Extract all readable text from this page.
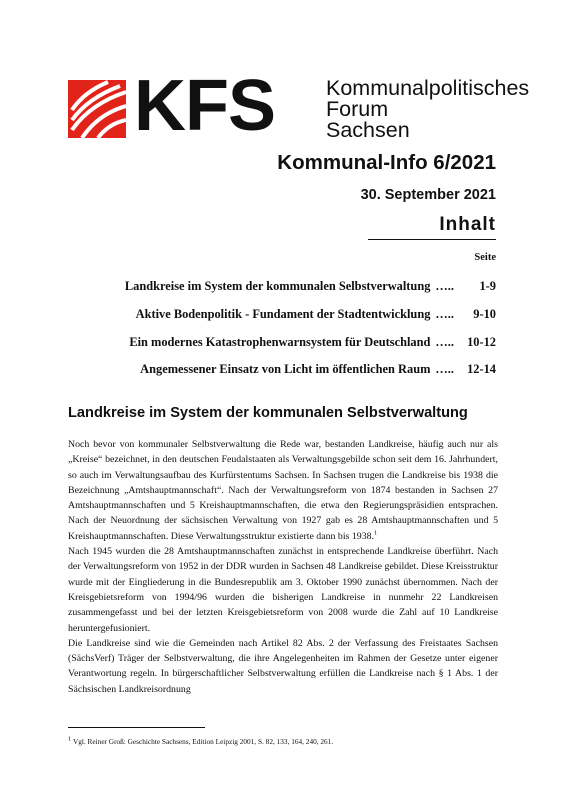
KFS Kommunalpolitisches
Forum
Sachsen
Kommunal-Info 6/2021
30. September 2021
Inhalt
Seite
Landkreise im System der kommunalen Selbstverwaltung …..	1-9
Aktive Bodenpolitik - Fundament der Stadtentwicklung …..	9-10
Ein modernes Katastrophenwarnsystem für Deutschland …..	10-12
Angemessener Einsatz von Licht im öffentlichen Raum …..	12-14
Landkreise im System der kommunalen Selbstverwaltung

Noch bevor von kommunaler Selbstverwaltung die Rede war, bestanden Landkreise, häufig auch nur als „Kreise“ bezeichnet, in den deutschen Feudalstaaten als Verwaltungsgebilde schon seit dem 16. Jahrhundert, so auch im Verwaltungsaufbau des Kurfürstentums Sachsen. In Sachsen trugen die Landkreise bis 1938 die Bezeichnung „Amtshauptmannschaft“. Nach der Verwaltungsreform von 1874 bestanden in Sachsen 27 Amtshauptmannschaften und 5 Kreishauptmannschaften, die etwa den Regierungspräsidien entsprachen. Nach der Neuordnung der sächsischen Verwaltung von 1927 gab es 28 Amtshauptmannschaften und 5 Kreishauptmannschaften. Diese Verwaltungsstruktur existierte dann bis 1938.$^1$

Nach 1945 wurden die 28 Amtshauptmannschaften zunächst in entsprechende Landkreise überführt. Nach der Verwaltungsreform von 1952 in der DDR wurden in Sachsen 48 Landkreise gebildet. Diese Kreisstruktur wurde mit der Eingliederung in die Bundesrepublik am 3. Oktober 1990 zunächst übernommen. Nach der Kreisgebietsreform von 1994/96 wurden die bisherigen Landkreise in nunmehr 22 Landkreisen zusammengefasst und bei der letzten Kreisgebietsreform von 2008 wurde die Zahl auf 10 Landkreise heruntergefusioniert.

Die Landkreise sind wie die Gemeinden nach Artikel 82 Abs. 2 der Verfassung des Freistaates Sachsen (SächsVerf) Träger der Selbstverwaltung, die ihre Angelegenheiten im Rahmen der Gesetze unter eigener Verantwortung regeln. In bürgerschaftlicher Selbstverwaltung erfüllen die Landkreise nach § 1 Abs. 1 der Sächsischen Landkreisordnung

$^1$ Vgl. Reiner Groß: Geschichte Sachsens, Edition Leipzig 2001, S. 82, 133, 164, 240, 261.
